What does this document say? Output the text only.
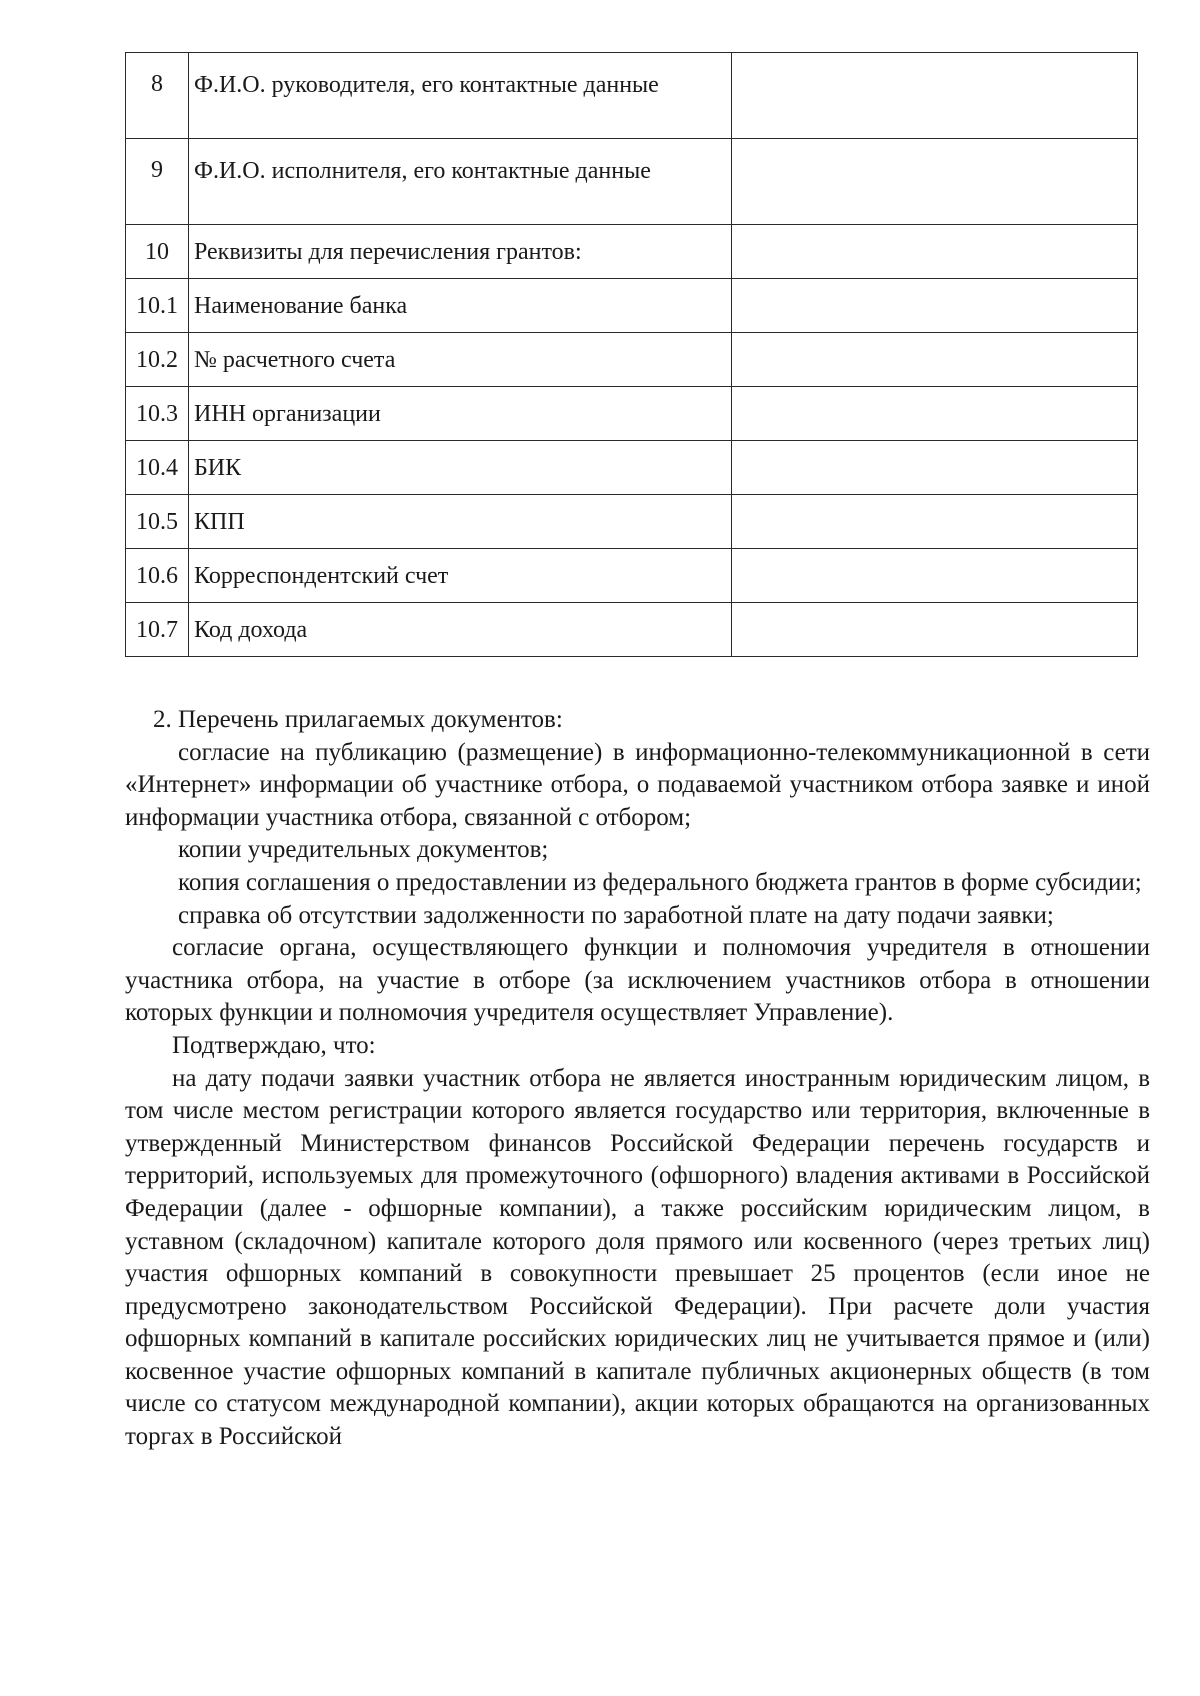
8	Ф.И.О. руководителя, его контактные данные	
9	Ф.И.О. исполнителя, его контактные данные	
10	Реквизиты для перечисления грантов:	
10.1	Наименование банка	
10.2	№ расчетного счета	
10.3	ИНН организации	
10.4	БИК	
10.5	КПП	
10.6	Корреспондентский счет	
10.7	Код дохода	

2. Перечень прилагаемых документов:

согласие на публикацию (размещение) в информационно-телекоммуникационной в сети «Интернет» информации об участнике отбора, о подаваемой участником отбора заявке и иной информации участника отбора, связанной с отбором;

копии учредительных документов;

копия соглашения о предоставлении из федерального бюджета грантов в форме субсидии;

справка об отсутствии задолженности по заработной плате на дату подачи заявки;

согласие органа, осуществляющего функции и полномочия учредителя в отношении участника отбора, на участие в отборе (за исключением участников отбора в отношении которых функции и полномочия учредителя осуществляет Управление).

Подтверждаю, что:

на дату подачи заявки участник отбора не является иностранным юридическим лицом, в том числе местом регистрации которого является государство или территория, включенные в утвержденный Министерством финансов Российской Федерации перечень государств и территорий, используемых для промежуточного (офшорного) владения активами в Российской Федерации (далее - офшорные компании), а также российским юридическим лицом, в уставном (складочном) капитале которого доля прямого или косвенного (через третьих лиц) участия офшорных компаний в совокупности превышает 25 процентов (если иное не предусмотрено законодательством Российской Федерации). При расчете доли участия офшорных компаний в капитале российских юридических лиц не учитывается прямое и (или) косвенное участие офшорных компаний в капитале публичных акционерных обществ (в том числе со статусом международной компании), акции которых обращаются на организованных торгах в Российской
